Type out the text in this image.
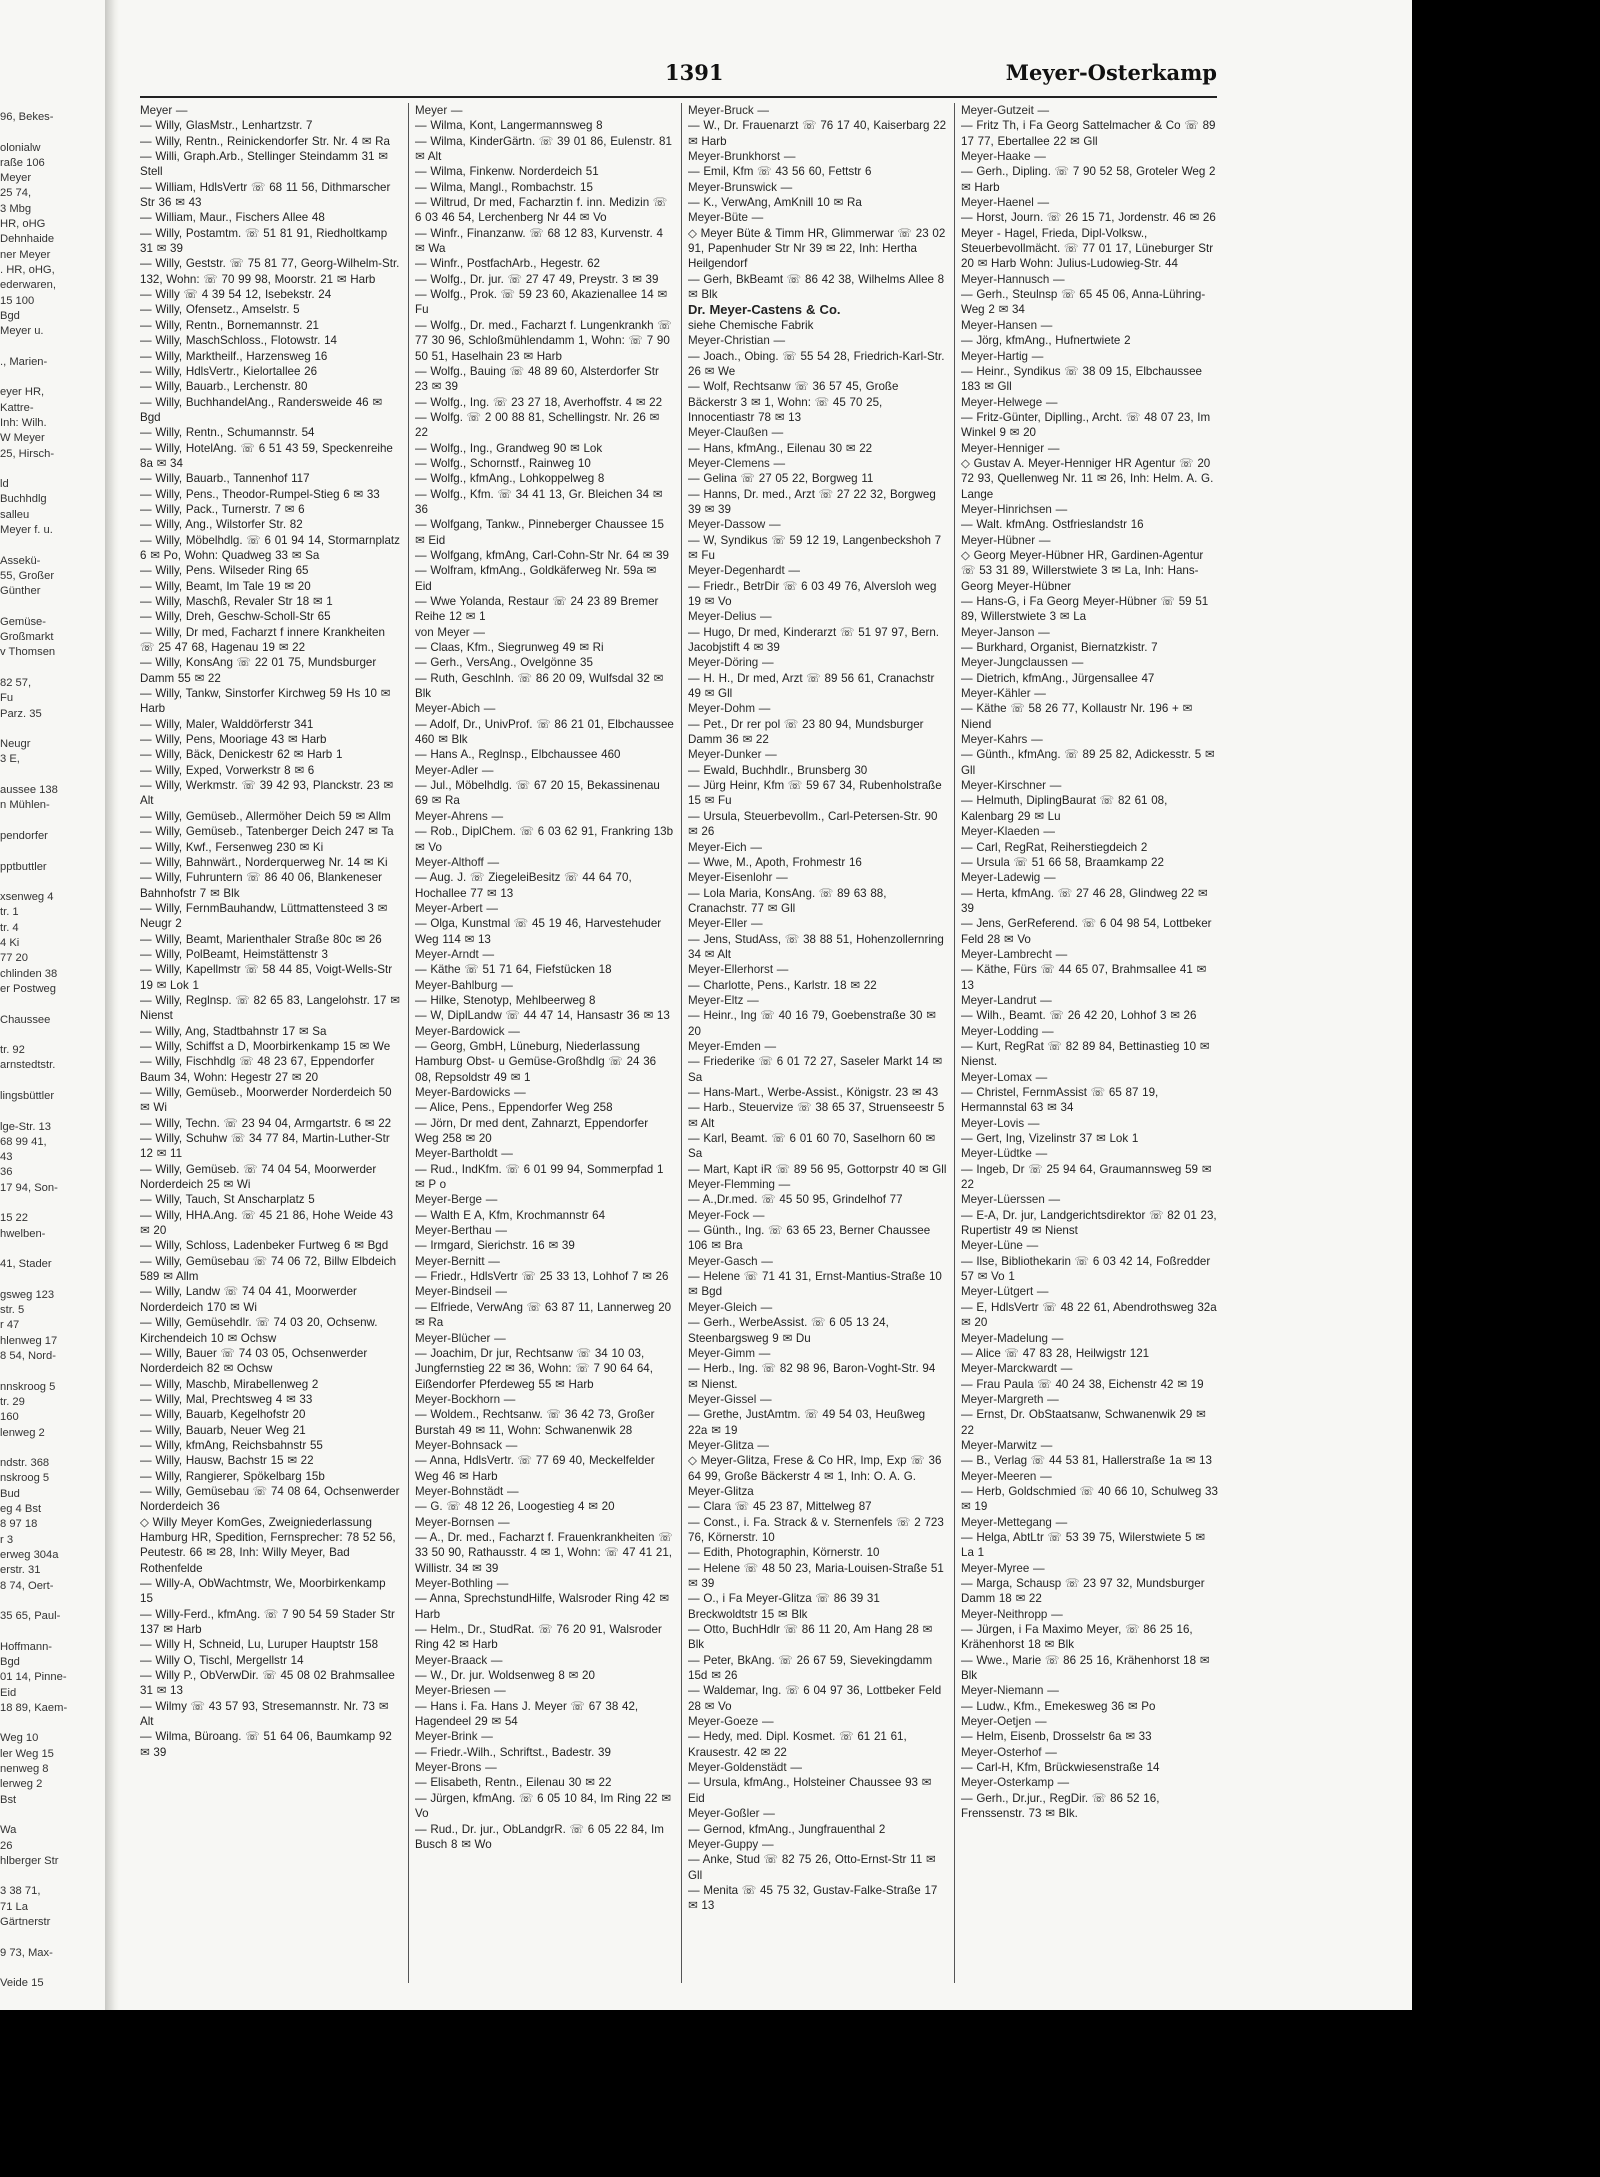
96, Bekes-

olonialw
raße 106
Meyer
25 74,
3 Mbg
HR, oHG
Dehnhaide
ner Meyer
. HR, oHG,
ederwaren,
15 100
Bgd
Meyer u.

., Marien-

eyer HR,
Kattre-
Inh: Wilh.
W Meyer
25, Hirsch-

ld
Buchhdlg
salleu
Meyer f. u.

Assekü-
55, Großer
Günther

Gemüse-
Großmarkt
v Thomsen

82 57,
Fu
Parz. 35

Neugr
3 E,

aussee 138
n Mühlen-

pendorfer

pptbuttler

xsenweg 4
tr. 1
tr. 4
4 Ki
77 20
chlinden 38
er Postweg

Chaussee

tr. 92
arnstedtstr.

lingsbüttler

lge-Str. 13
68 99 41,
43
36
17 94, Son-

15 22
hwelben-

41, Stader

gsweg 123
str. 5
r 47
hlenweg 17
8 54, Nord-

nnskroog 5
tr. 29
160
lenweg 2

ndstr. 368
nskroog 5
Bud
eg 4 Bst
8 97 18
r 3
erweg 304a
erstr. 31
8 74, Oert-

35 65, Paul-

Hoffmann-
Bgd
01 14, Pinne-
Eid
18 89, Kaem-

Weg 10
ler Weg 15
nenweg 8
lerweg 2
Bst

Wa
26
hlberger Str

3 38 71,
71 La
Gärtnerstr

9 73, Max-

Veide 15
1391	Meyer-Osterkamp
Meyer —
— Willy, GlasMstr., Lenhartzstr. 7
— Willy, Rentn., Reinickendorfer Str. Nr. 4 ✉ Ra
— Willi, Graph.Arb., Stellinger Steindamm 31 ✉ Stell
— William, HdlsVertr ☏ 68 11 56, Dithmarscher Str 36 ✉ 43
— William, Maur., Fischers Allee 48
— Willy, Postamtm. ☏ 51 81 91, Riedholtkamp 31 ✉ 39
— Willy, Geststr. ☏ 75 81 77, Georg-Wilhelm-Str. 132, Wohn: ☏ 70 99 98, Moorstr. 21 ✉ Harb
— Willy ☏ 4 39 54 12, Isebekstr. 24
— Willy, Ofensetz., Amselstr. 5
— Willy, Rentn., Bornemannstr. 21
— Willy, MaschSchloss., Flotowstr. 14
— Willy, Marktheilf., Harzensweg 16
— Willy, HdlsVertr., Kielortallee 26
— Willy, Bauarb., Lerchenstr. 80
— Willy, BuchhandelAng., Randersweide 46 ✉ Bgd
— Willy, Rentn., Schumannstr. 54
— Willy, HotelAng. ☏ 6 51 43 59, Speckenreihe 8a ✉ 34
— Willy, Bauarb., Tannenhof 117
— Willy, Pens., Theodor-Rumpel-Stieg 6 ✉ 33
— Willy, Pack., Turnerstr. 7 ✉ 6
— Willy, Ang., Wilstorfer Str. 82
— Willy, Möbelhdlg. ☏ 6 01 94 14, Stormarnplatz 6 ✉ Po, Wohn: Quadweg 33 ✉ Sa
— Willy, Pens. Wilseder Ring 65
— Willy, Beamt, Im Tale 19 ✉ 20
— Willy, Maschß, Revaler Str 18 ✉ 1
— Willy, Dreh, Geschw-Scholl-Str 65
— Willy, Dr med, Facharzt f innere Krankheiten ☏ 25 47 68, Hagenau 19 ✉ 22
— Willy, KonsAng ☏ 22 01 75, Mundsburger Damm 55 ✉ 22
— Willy, Tankw, Sinstorfer Kirchweg 59 Hs 10 ✉ Harb
— Willy, Maler, Walddörferstr 341
— Willy, Pens, Mooriage 43 ✉ Harb
— Willy, Bäck, Denickestr 62 ✉ Harb 1
— Willy, Exped, Vorwerkstr 8 ✉ 6
— Willy, Werkmstr. ☏ 39 42 93, Planckstr. 23 ✉ Alt
— Willy, Gemüseb., Allermöher Deich 59 ✉ Allm
— Willy, Gemüseb., Tatenberger Deich 247 ✉ Ta
— Willy, Kwf., Fersenweg 230 ✉ Ki
— Willy, Bahnwärt., Norderquerweg Nr. 14 ✉ Ki
— Willy, Fuhruntern ☏ 86 40 06, Blankeneser Bahnhofstr 7 ✉ Blk
— Willy, FernmBauhandw, Lüttmattensteed 3 ✉ Neugr 2
— Willy, Beamt, Marienthaler Straße 80c ✉ 26
— Willy, PolBeamt, Heimstättenstr 3
— Willy, Kapellmstr ☏ 58 44 85, Voigt-Wells-Str 19 ✉ Lok 1
— Willy, Reglnsp. ☏ 82 65 83, Langelohstr. 17 ✉ Nienst
— Willy, Ang, Stadtbahnstr 17 ✉ Sa
— Willy, Schiffst a D, Moorbirkenkamp 15 ✉ We
— Willy, Fischhdlg ☏ 48 23 67, Eppendorfer Baum 34, Wohn: Hegestr 27 ✉ 20
— Willy, Gemüseb., Moorwerder Norderdeich 50 ✉ Wi
— Willy, Techn. ☏ 23 94 04, Armgartstr. 6 ✉ 22
— Willy, Schuhw ☏ 34 77 84, Martin-Luther-Str 12 ✉ 11
— Willy, Gemüseb. ☏ 74 04 54, Moorwerder Norderdeich 25 ✉ Wi
— Willy, Tauch, St Anscharplatz 5
— Willy, HHA.Ang. ☏ 45 21 86, Hohe Weide 43 ✉ 20
— Willy, Schloss, Ladenbeker Furtweg 6 ✉ Bgd
— Willy, Gemüsebau ☏ 74 06 72, Billw Elbdeich 589 ✉ Allm
— Willy, Landw ☏ 74 04 41, Moorwerder Norderdeich 170 ✉ Wi
— Willy, Gemüsehdlr. ☏ 74 03 20, Ochsenw. Kirchendeich 10 ✉ Ochsw
— Willy, Bauer ☏ 74 03 05, Ochsenwerder Norderdeich 82 ✉ Ochsw
— Willy, Maschb, Mirabellenweg 2
— Willy, Mal, Prechtsweg 4 ✉ 33
— Willy, Bauarb, Kegelhofstr 20
— Willy, Bauarb, Neuer Weg 21
— Willy, kfmAng, Reichsbahnstr 55
— Willy, Hausw, Bachstr 15 ✉ 22
— Willy, Rangierer, Spökelbarg 15b
— Willy, Gemüsebau ☏ 74 08 64, Ochsenwerder Norderdeich 36
◇ Willy Meyer KomGes, Zweigniederlassung Hamburg HR, Spedition, Fernsprecher: 78 52 56, Peutestr. 66 ✉ 28, Inh: Willy Meyer, Bad Rothenfelde
— Willy-A, ObWachtmstr, We, Moorbirkenkamp 15
— Willy-Ferd., kfmAng. ☏ 7 90 54 59 Stader Str 137 ✉ Harb
— Willy H, Schneid, Lu, Luruper Hauptstr 158
— Willy O, Tischl, Mergellstr 14
— Willy P., ObVerwDir. ☏ 45 08 02 Brahmsallee 31 ✉ 13
— Wilmy ☏ 43 57 93, Stresemannstr. Nr. 73 ✉ Alt
— Wilma, Büroang. ☏ 51 64 06, Baumkamp 92 ✉ 39
Meyer —
— Wilma, Kont, Langermannsweg 8
— Wilma, KinderGärtn. ☏ 39 01 86, Eulenstr. 81 ✉ Alt
— Wilma, Finkenw. Norderdeich 51
— Wilma, Mangl., Rombachstr. 15
— Wiltrud, Dr med, Facharztin f. inn. Medizin ☏ 6 03 46 54, Lerchenberg Nr 44 ✉ Vo
— Winfr., Finanzanw. ☏ 68 12 83, Kurvenstr. 4 ✉ Wa
— Winfr., PostfachArb., Hegestr. 62
— Wolfg., Dr. jur. ☏ 27 47 49, Preystr. 3 ✉ 39
— Wolfg., Prok. ☏ 59 23 60, Akazienallee 14 ✉ Fu
— Wolfg., Dr. med., Facharzt f. Lungenkrankh ☏ 77 30 96, Schloßmühlendamm 1, Wohn: ☏ 7 90 50 51, Haselhain 23 ✉ Harb
— Wolfg., Bauing ☏ 48 89 60, Alsterdorfer Str 23 ✉ 39
— Wolfg., Ing. ☏ 23 27 18, Averhoffstr. 4 ✉ 22
— Wolfg. ☏ 2 00 88 81, Schellingstr. Nr. 26 ✉ 22
— Wolfg., Ing., Grandweg 90 ✉ Lok
— Wolfg., Schornstf., Rainweg 10
— Wolfg., kfmAng., Lohkoppelweg 8
— Wolfg., Kfm. ☏ 34 41 13, Gr. Bleichen 34 ✉ 36
— Wolfgang, Tankw., Pinneberger Chaussee 15 ✉ Eid
— Wolfgang, kfmAng, Carl-Cohn-Str Nr. 64 ✉ 39
— Wolfram, kfmAng., Goldkäferweg Nr. 59a ✉ Eid
— Wwe Yolanda, Restaur ☏ 24 23 89 Bremer Reihe 12 ✉ 1
von Meyer —
— Claas, Kfm., Siegrunweg 49 ✉ Ri
— Gerh., VersAng., Ovelgönne 35
— Ruth, Geschlnh. ☏ 86 20 09, Wulfsdal 32 ✉ Blk
Meyer-Abich —
— Adolf, Dr., UnivProf. ☏ 86 21 01, Elbchaussee 460 ✉ Blk
— Hans A., Reglnsp., Elbchaussee 460
Meyer-Adler —
— Jul., Möbelhdlg. ☏ 67 20 15, Bekassinenau 69 ✉ Ra
Meyer-Ahrens —
— Rob., DiplChem. ☏ 6 03 62 91, Frankring 13b ✉ Vo
Meyer-Althoff —
— Aug. J. ☏ ZiegeleiBesitz ☏ 44 64 70, Hochallee 77 ✉ 13
Meyer-Arbert —
— Olga, Kunstmal ☏ 45 19 46, Harvestehuder Weg 114 ✉ 13
Meyer-Arndt —
— Käthe ☏ 51 71 64, Fiefstücken 18
Meyer-Bahlburg —
— Hilke, Stenotyp, Mehlbeerweg 8
— W, DiplLandw ☏ 44 47 14, Hansastr 36 ✉ 13
Meyer-Bardowick —
— Georg, GmbH, Lüneburg, Niederlassung Hamburg Obst- u Gemüse-Großhdlg ☏ 24 36 08, Repsoldstr 49 ✉ 1
Meyer-Bardowicks —
— Alice, Pens., Eppendorfer Weg 258
— Jörn, Dr med dent, Zahnarzt, Eppendorfer Weg 258 ✉ 20
Meyer-Bartholdt —
— Rud., IndKfm. ☏ 6 01 99 94, Sommerpfad 1 ✉ P o
Meyer-Berge —
— Walth E A, Kfm, Krochmannstr 64
Meyer-Berthau —
— Irmgard, Sierichstr. 16 ✉ 39
Meyer-Bernitt —
— Friedr., HdlsVertr ☏ 25 33 13, Lohhof 7 ✉ 26
Meyer-Bindseil —
— Elfriede, VerwAng ☏ 63 87 11, Lannerweg 20 ✉ Ra
Meyer-Blücher —
— Joachim, Dr jur, Rechtsanw ☏ 34 10 03, Jungfernstieg 22 ✉ 36, Wohn: ☏ 7 90 64 64, Eißendorfer Pferdeweg 55 ✉ Harb
Meyer-Bockhorn —
— Woldem., Rechtsanw. ☏ 36 42 73, Großer Burstah 49 ✉ 11, Wohn: Schwanenwik 28
Meyer-Bohnsack —
— Anna, HdlsVertr. ☏ 77 69 40, Meckelfelder Weg 46 ✉ Harb
Meyer-Bohnstädt —
— G. ☏ 48 12 26, Loogestieg 4 ✉ 20
Meyer-Bornsen —
— A., Dr. med., Facharzt f. Frauenkrankheiten ☏ 33 50 90, Rathausstr. 4 ✉ 1, Wohn: ☏ 47 41 21, Willistr. 34 ✉ 39
Meyer-Bothling —
— Anna, SprechstundHilfe, Walsroder Ring 42 ✉ Harb
— Helm., Dr., StudRat. ☏ 76 20 91, Walsroder Ring 42 ✉ Harb
Meyer-Braack —
— W., Dr. jur. Woldsenweg 8 ✉ 20
Meyer-Briesen —
— Hans i. Fa. Hans J. Meyer ☏ 67 38 42, Hagendeel 29 ✉ 54
Meyer-Brink —
— Friedr.-Wilh., Schriftst., Badestr. 39
Meyer-Brons —
— Elisabeth, Rentn., Eilenau 30 ✉ 22
— Jürgen, kfmAng. ☏ 6 05 10 84, Im Ring 22 ✉ Vo
— Rud., Dr. jur., ObLandgrR. ☏ 6 05 22 84, Im Busch 8 ✉ Wo
Meyer-Bruck —
— W., Dr. Frauenarzt ☏ 76 17 40, Kaiserbarg 22 ✉ Harb
Meyer-Brunkhorst —
— Emil, Kfm ☏ 43 56 60, Fettstr 6
Meyer-Brunswick —
— K., VerwAng, AmKnill 10 ✉ Ra
Meyer-Büte —
◇ Meyer Büte & Timm HR, Glimmerwar ☏ 23 02 91, Papenhuder Str Nr 39 ✉ 22, Inh: Hertha Heilgendorf
— Gerh, BkBeamt ☏ 86 42 38, Wilhelms Allee 8 ✉ Blk
Dr. Meyer-Castens & Co.
siehe Chemische Fabrik
Meyer-Christian —
— Joach., Obing. ☏ 55 54 28, Friedrich-Karl-Str. 26 ✉ We
— Wolf, Rechtsanw ☏ 36 57 45, Große Bäckerstr 3 ✉ 1, Wohn: ☏ 45 70 25, Innocentiastr 78 ✉ 13
Meyer-Claußen —
— Hans, kfmAng., Eilenau 30 ✉ 22
Meyer-Clemens —
— Gelina ☏ 27 05 22, Borgweg 11
— Hanns, Dr. med., Arzt ☏ 27 22 32, Borgweg 39 ✉ 39
Meyer-Dassow —
— W, Syndikus ☏ 59 12 19, Langenbeckshoh 7 ✉ Fu
Meyer-Degenhardt —
— Friedr., BetrDir ☏ 6 03 49 76, Alversloh weg 19 ✉ Vo
Meyer-Delius —
— Hugo, Dr med, Kinderarzt ☏ 51 97 97, Bern. Jacobjstift 4 ✉ 39
Meyer-Döring —
— H. H., Dr med, Arzt ☏ 89 56 61, Cranachstr 49 ✉ Gll
Meyer-Dohm —
— Pet., Dr rer pol ☏ 23 80 94, Mundsburger Damm 36 ✉ 22
Meyer-Dunker —
— Ewald, Buchhdlr., Brunsberg 30
— Jürg Heinr, Kfm ☏ 59 67 34, Rubenholstraße 15 ✉ Fu
— Ursula, Steuerbevollm., Carl-Petersen-Str. 90 ✉ 26
Meyer-Eich —
— Wwe, M., Apoth, Frohmestr 16
Meyer-Eisenlohr —
— Lola Maria, KonsAng. ☏ 89 63 88, Cranachstr. 77 ✉ Gll
Meyer-Eller —
— Jens, StudAss, ☏ 38 88 51, Hohenzollernring 34 ✉ Alt
Meyer-Ellerhorst —
— Charlotte, Pens., Karlstr. 18 ✉ 22
Meyer-Eltz —
— Heinr., Ing ☏ 40 16 79, Goebenstraße 30 ✉ 20
Meyer-Emden —
— Friederike ☏ 6 01 72 27, Saseler Markt 14 ✉ Sa
— Hans-Mart., Werbe-Assist., Königstr. 23 ✉ 43
— Harb., Steuervize ☏ 38 65 37, Struenseestr 5 ✉ Alt
— Karl, Beamt. ☏ 6 01 60 70, Saselhorn 60 ✉ Sa
— Mart, Kapt iR ☏ 89 56 95, Gottorpstr 40 ✉ Gll
Meyer-Flemming —
— A.,Dr.med. ☏ 45 50 95, Grindelhof 77
Meyer-Fock —
— Günth., Ing. ☏ 63 65 23, Berner Chaussee 106 ✉ Bra
Meyer-Gasch —
— Helene ☏ 71 41 31, Ernst-Mantius-Straße 10 ✉ Bgd
Meyer-Gleich —
— Gerh., WerbeAssist. ☏ 6 05 13 24, Steenbargsweg 9 ✉ Du
Meyer-Gimm —
— Herb., Ing. ☏ 82 98 96, Baron-Voght-Str. 94 ✉ Nienst.
Meyer-Gissel —
— Grethe, JustAmtm. ☏ 49 54 03, Heußweg 22a ✉ 19
Meyer-Glitza —
◇ Meyer-Glitza, Frese & Co HR, Imp, Exp ☏ 36 64 99, Große Bäckerstr 4 ✉ 1, Inh: O. A. G. Meyer-Glitza
— Clara ☏ 45 23 87, Mittelweg 87
— Const., i. Fa. Strack & v. Sternenfels ☏ 2 723 76, Körnerstr. 10
— Edith, Photographin, Körnerstr. 10
— Helene ☏ 48 50 23, Maria-Louisen-Straße 51 ✉ 39
— O., i Fa Meyer-Glitza ☏ 86 39 31 Breckwoldtstr 15 ✉ Blk
— Otto, BuchHdlr ☏ 86 11 20, Am Hang 28 ✉ Blk
— Peter, BkAng. ☏ 26 67 59, Sievekingdamm 15d ✉ 26
— Waldemar, Ing. ☏ 6 04 97 36, Lottbeker Feld 28 ✉ Vo
Meyer-Goeze —
— Hedy, med. Dipl. Kosmet. ☏ 61 21 61, Krausestr. 42 ✉ 22
Meyer-Goldenstädt —
— Ursula, kfmAng., Holsteiner Chaussee 93 ✉ Eid
Meyer-Goßler —
— Gernod, kfmAng., Jungfrauenthal 2
Meyer-Guppy —
— Anke, Stud ☏ 82 75 26, Otto-Ernst-Str 11 ✉ Gll
— Menita ☏ 45 75 32, Gustav-Falke-Straße 17 ✉ 13
Meyer-Gutzeit —
— Fritz Th, i Fa Georg Sattelmacher & Co ☏ 89 17 77, Ebertallee 22 ✉ Gll
Meyer-Haake —
— Gerh., Dipling. ☏ 7 90 52 58, Groteler Weg 2 ✉ Harb
Meyer-Haenel —
— Horst, Journ. ☏ 26 15 71, Jordenstr. 46 ✉ 26
Meyer - Hagel, Frieda, Dipl-Volksw., Steuerbevollmächt. ☏ 77 01 17, Lüneburger Str 20 ✉ Harb Wohn: Julius-Ludowieg-Str. 44
Meyer-Hannusch —
— Gerh., Steulnsp ☏ 65 45 06, Anna-Lühring-Weg 2 ✉ 34
Meyer-Hansen —
— Jörg, kfmAng., Hufnertwiete 2
Meyer-Hartig —
— Heinr., Syndikus ☏ 38 09 15, Elbchaussee 183 ✉ Gll
Meyer-Helwege —
— Fritz-Günter, Diplling., Archt. ☏ 48 07 23, Im Winkel 9 ✉ 20
Meyer-Henniger —
◇ Gustav A. Meyer-Henniger HR Agentur ☏ 20 72 93, Quellenweg Nr. 11 ✉ 26, Inh: Helm. A. G. Lange
Meyer-Hinrichsen —
— Walt. kfmAng. Ostfrieslandstr 16
Meyer-Hübner —
◇ Georg Meyer-Hübner HR, Gardinen-Agentur ☏ 53 31 89, Willerstwiete 3 ✉ La, Inh: Hans-Georg Meyer-Hübner
— Hans-G, i Fa Georg Meyer-Hübner ☏ 59 51 89, Willerstwiete 3 ✉ La
Meyer-Janson —
— Burkhard, Organist, Biernatzkistr. 7
Meyer-Jungclaussen —
— Dietrich, kfmAng., Jürgensallee 47
Meyer-Kähler —
— Käthe ☏ 58 26 77, Kollaustr Nr. 196 + ✉ Niend
Meyer-Kahrs —
— Günth., kfmAng. ☏ 89 25 82, Adickesstr. 5 ✉ Gll
Meyer-Kirschner —
— Helmuth, DiplingBaurat ☏ 82 61 08, Kalenbarg 29 ✉ Lu
Meyer-Klaeden —
— Carl, RegRat, Reiherstiegdeich 2
— Ursula ☏ 51 66 58, Braamkamp 22
Meyer-Ladewig —
— Herta, kfmAng. ☏ 27 46 28, Glindweg 22 ✉ 39
— Jens, GerReferend. ☏ 6 04 98 54, Lottbeker Feld 28 ✉ Vo
Meyer-Lambrecht —
— Käthe, Fürs ☏ 44 65 07, Brahmsallee 41 ✉ 13
Meyer-Landrut —
— Wilh., Beamt. ☏ 26 42 20, Lohhof 3 ✉ 26
Meyer-Lodding —
— Kurt, RegRat ☏ 82 89 84, Bettinastieg 10 ✉ Nienst.
Meyer-Lomax —
— Christel, FernmAssist ☏ 65 87 19, Hermannstal 63 ✉ 34
Meyer-Lovis —
— Gert, Ing, Vizelinstr 37 ✉ Lok 1
Meyer-Lüdtke —
— Ingeb, Dr ☏ 25 94 64, Graumannsweg 59 ✉ 22
Meyer-Lüerssen —
— E-A, Dr. jur, Landgerichtsdirektor ☏ 82 01 23, Rupertistr 49 ✉ Nienst
Meyer-Lüne —
— Ilse, Bibliothekarin ☏ 6 03 42 14, Foßredder 57 ✉ Vo 1
Meyer-Lütgert —
— E, HdlsVertr ☏ 48 22 61, Abendrothsweg 32a ✉ 20
Meyer-Madelung —
— Alice ☏ 47 83 28, Heilwigstr 121
Meyer-Marckwardt —
— Frau Paula ☏ 40 24 38, Eichenstr 42 ✉ 19
Meyer-Margreth —
— Ernst, Dr. ObStaatsanw, Schwanenwik 29 ✉ 22
Meyer-Marwitz —
— B., Verlag ☏ 44 53 81, Hallerstraße 1a ✉ 13
Meyer-Meeren —
— Herb, Goldschmied ☏ 40 66 10, Schulweg 33 ✉ 19
Meyer-Mettegang —
— Helga, AbtLtr ☏ 53 39 75, Wilerstwiete 5 ✉ La 1
Meyer-Myree —
— Marga, Schausp ☏ 23 97 32, Mundsburger Damm 18 ✉ 22
Meyer-Neithropp —
— Jürgen, i Fa Maximo Meyer, ☏ 86 25 16, Krähenhorst 18 ✉ Blk
— Wwe., Marie ☏ 86 25 16, Krähenhorst 18 ✉ Blk
Meyer-Niemann —
— Ludw., Kfm., Emekesweg 36 ✉ Po
Meyer-Oetjen —
— Helm, Eisenb, Drosselstr 6a ✉ 33
Meyer-Osterhof —
— Carl-H, Kfm, Brückwiesenstraße 14
Meyer-Osterkamp —
— Gerh., Dr.jur., RegDir. ☏ 86 52 16, Frenssenstr. 73 ✉ Blk.
